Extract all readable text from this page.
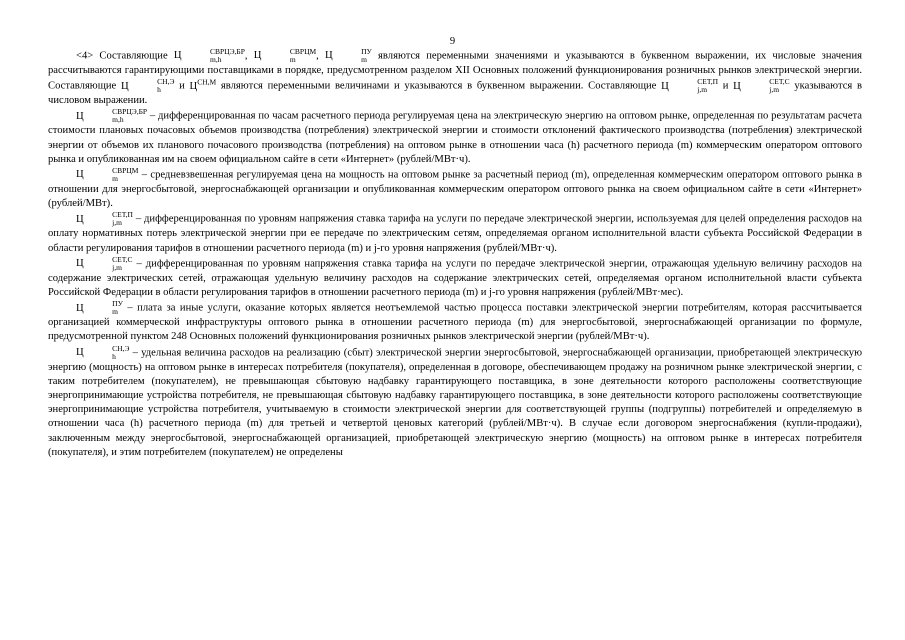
9

<4> Составляющие Ц	СВРЦЭ,БР
m,h	, Ц	СВРЦМ
m	, Ц	ПУ
m	являются переменными значениями и указываются в буквенном выражении, их числовые значения рассчитываются гарантирующими поставщиками в порядке, предусмотренном разделом XII Основных положений функционирования розничных рынков электрической энергии. Составляющие Ц	СН,Э
h	и $Ц^{СН,М}$ являются переменными величинами и указываются в буквенном выражении. Составляющие Ц	СЕТ,П
j,m	и Ц	СЕТ,С
j,m	указываются в числовом выражении.

Ц	СВРЦЭ,БР
m,h	– дифференцированная по часам расчетного периода регулируемая цена на электрическую энергию на оптовом рынке, определенная по результатам расчета стоимости плановых почасовых объемов производства (потребления) электрической энергии и стоимости отклонений фактического производства (потребления) электрической энергии от объемов их планового почасового производства (потребления) на оптовом рынке в отношении часа (h) расчетного периода (m) коммерческим оператором оптового рынка и опубликованная им на своем официальном сайте в сети «Интернет» (рублей/МВт·ч).

Ц	СВРЦМ
m	– средневзвешенная регулируемая цена на мощность на оптовом рынке за расчетный период (m), определенная коммерческим оператором оптового рынка в отношении для энергосбытовой, энергоснабжающей организации и опубликованная коммерческим оператором оптового рынка на своем официальном сайте в сети «Интернет» (рублей/МВт).

Ц	СЕТ,П
j,m	– дифференцированная по уровням напряжения ставка тарифа на услуги по передаче электрической энергии, используемая для целей определения расходов на оплату нормативных потерь электрической энергии при ее передаче по электрическим сетям, определяемая органом исполнительной власти субъекта Российской Федерации в области регулирования тарифов в отношении расчетного периода (m) и j-го уровня напряжения (рублей/МВт·ч).

Ц	СЕТ,С
j,m	– дифференцированная по уровням напряжения ставка тарифа на услуги по передаче электрической энергии, отражающая удельную величину расходов на содержание электрических сетей, отражающая удельную величину расходов на содержание электрических сетей, определяемая органом исполнительной власти субъекта Российской Федерации в области регулирования тарифов в отношении расчетного периода (m) и j-го уровня напряжения (рублей/МВт·мес).

Ц	ПУ
m – плата за иные услуги, оказание которых является неотъемлемой частью процесса поставки электрической энергии потребителям, которая рассчитывается организацией коммерческой инфраструктуры оптового рынка в отношении расчетного периода (m) для энергосбытовой, энергоснабжающей организации по формуле, предусмотренной пунктом 248 Основных положений функционирования розничных рынков электрической энергии (рублей/МВт·ч).

Ц	СН,Э
h	– удельная величина расходов на реализацию (сбыт) электрической энергии энергосбытовой, энергоснабжающей организации, приобретающей электрическую энергию (мощность) на оптовом рынке в интересах потребителя (покупателя), определенная в договоре, обеспечивающем продажу на розничном рынке электрической энергии, с таким потребителем (покупателем), не превышающая сбытовую надбавку гарантирующего поставщика, в зоне деятельности которого расположены соответствующие энергопринимающие устройства потребителя, не превышающая сбытовую надбавку гарантирующего поставщика, в зоне деятельности которого расположены соответствующие энергопринимающие устройства потребителя, учитываемую в стоимости электрической энергии для соответствующей группы (подгруппы) потребителей и определяемую в отношении часа (h) расчетного периода (m) для третьей и четвертой ценовых категорий (рублей/МВт·ч). В случае если договором энергоснабжения (купли-продажи), заключенным между энергосбытовой, энергоснабжающей организацией, приобретающей электрическую энергию (мощность) на оптовом рынке в интересах потребителя (покупателя), и этим потребителем (покупателем) не определены
